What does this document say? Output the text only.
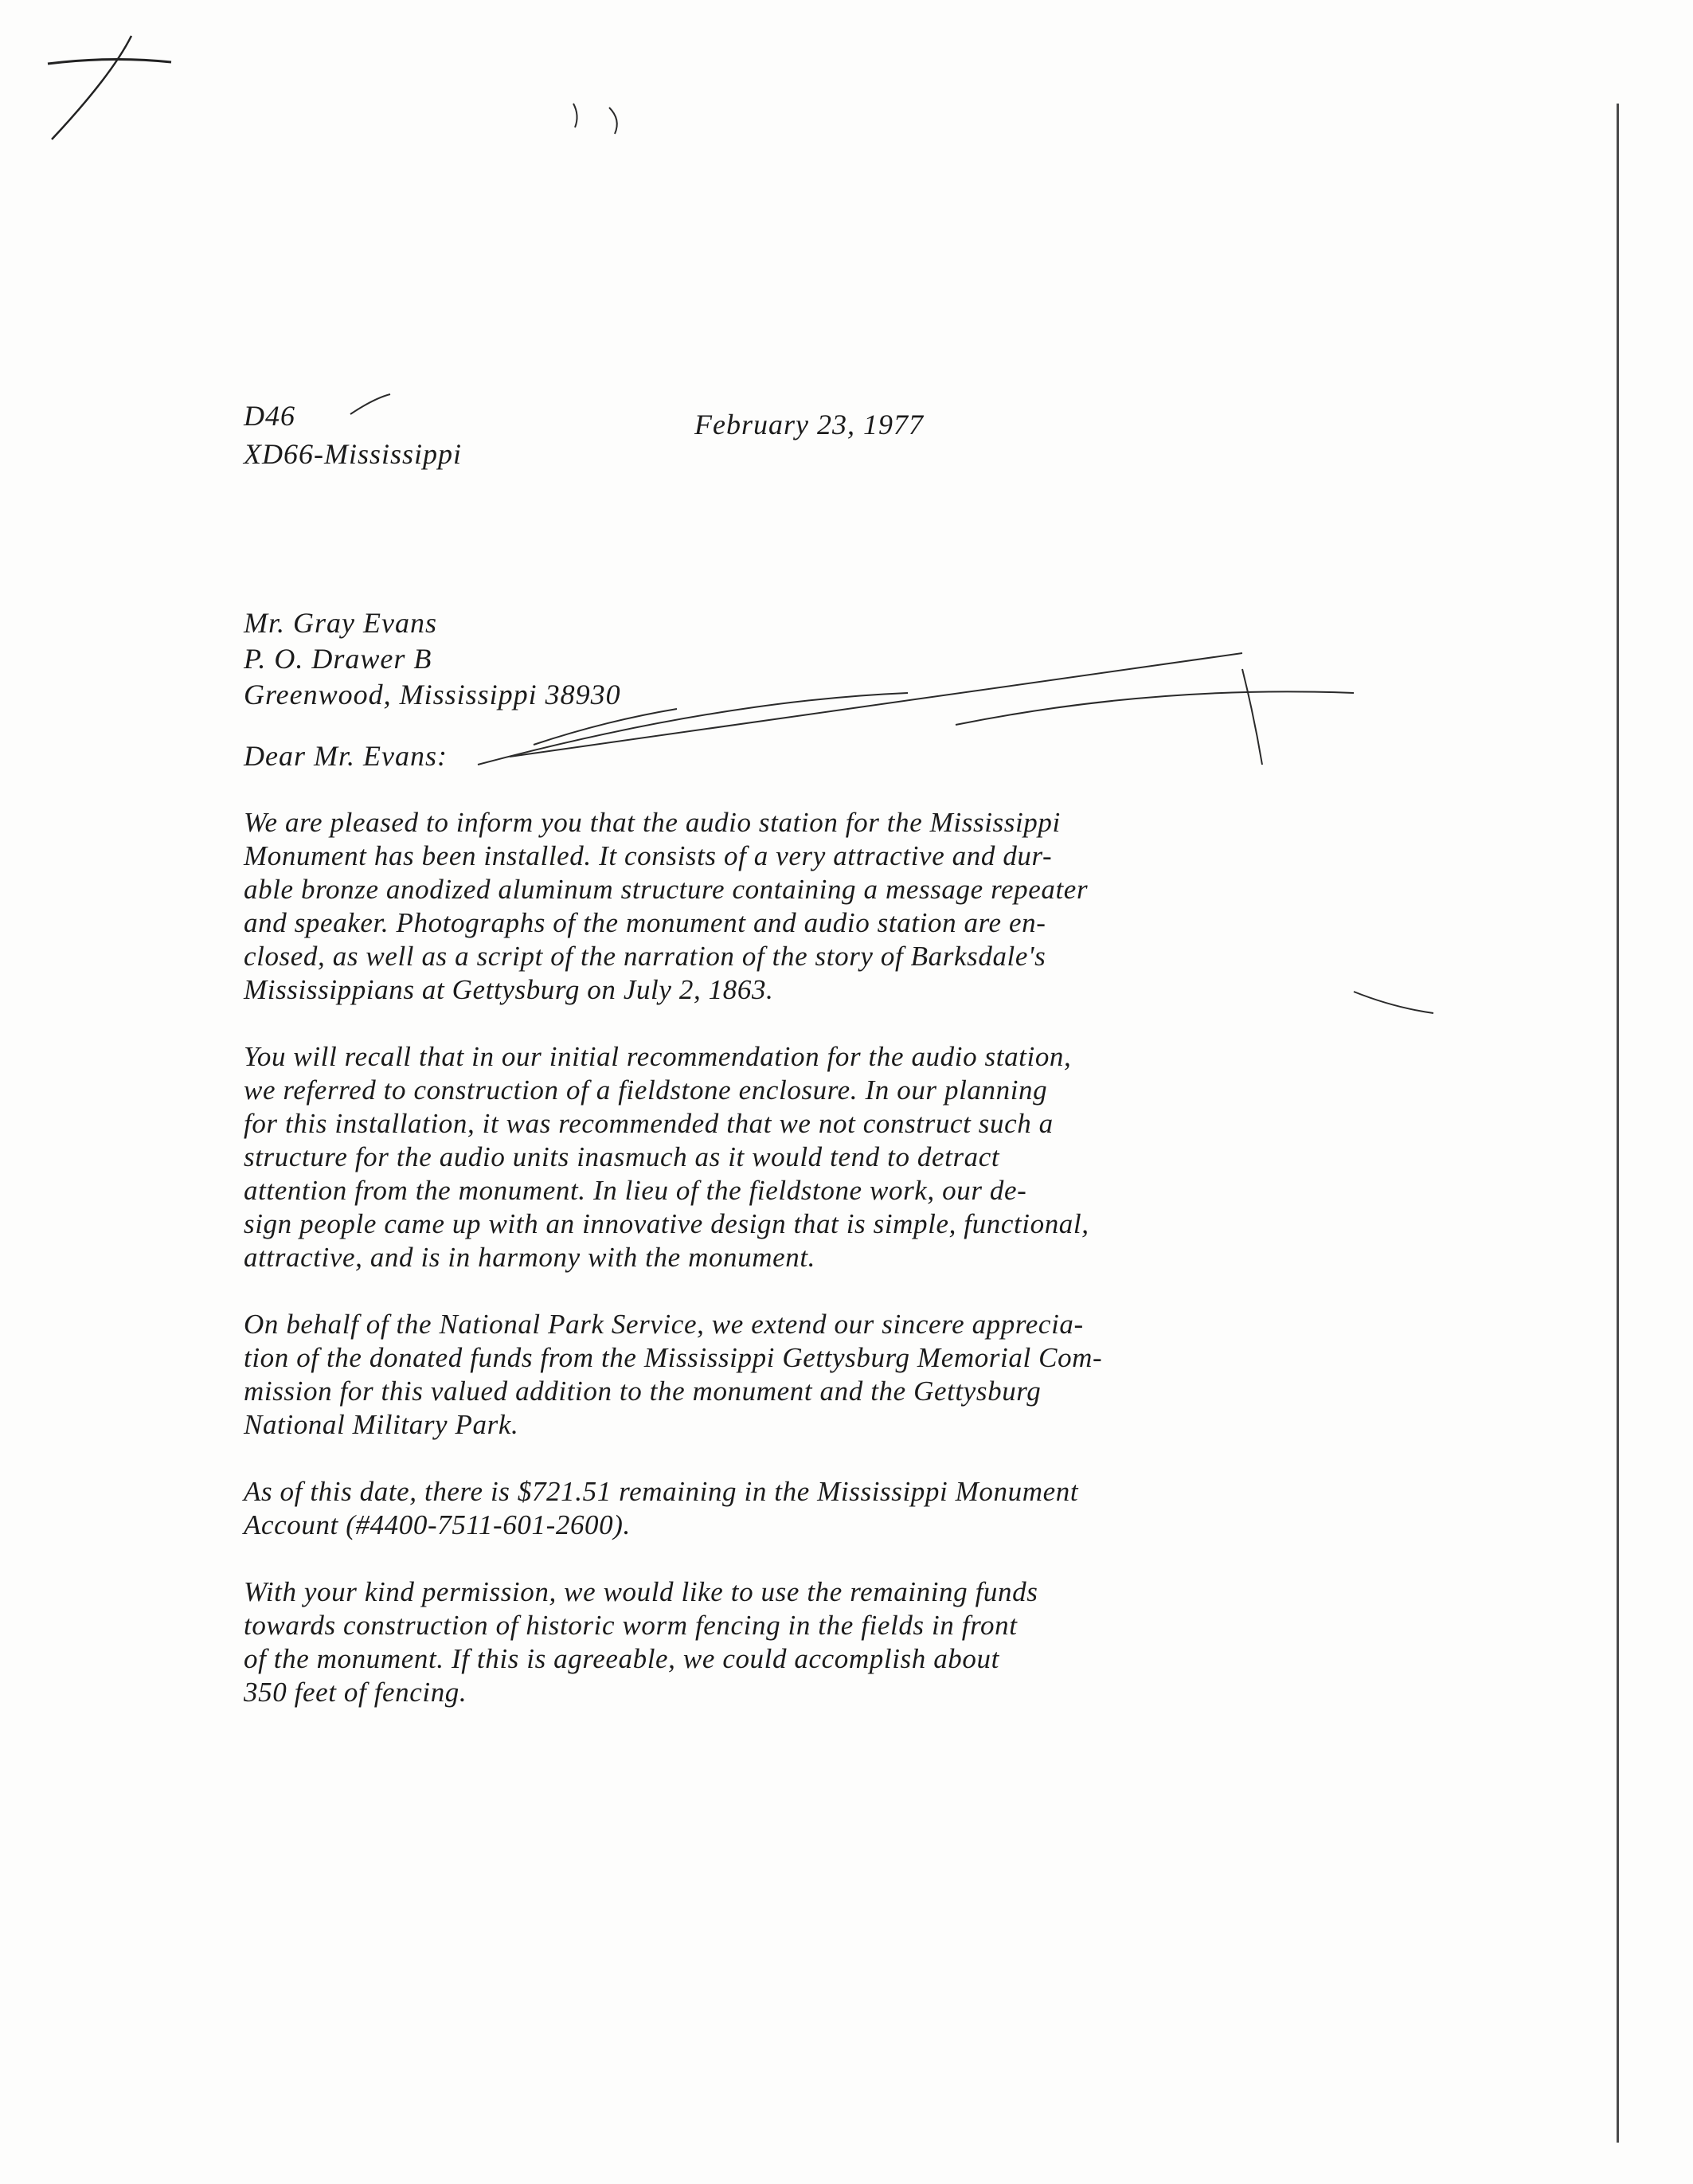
D46
XD66-Mississippi
February 23, 1977
Mr. Gray Evans
P. O. Drawer B
Greenwood, Mississippi 38930
Dear Mr. Evans:
We are pleased to inform you that the audio station for the Mississippi
Monument has been installed. It consists of a very attractive and dur-
able bronze anodized aluminum structure containing a message repeater
and speaker. Photographs of the monument and audio station are en-
closed, as well as a script of the narration of the story of Barksdale's
Mississippians at Gettysburg on July 2, 1863.
You will recall that in our initial recommendation for the audio station,
we referred to construction of a fieldstone enclosure. In our planning
for this installation, it was recommended that we not construct such a
structure for the audio units inasmuch as it would tend to detract
attention from the monument. In lieu of the fieldstone work, our de-
sign people came up with an innovative design that is simple, functional,
attractive, and is in harmony with the monument.
On behalf of the National Park Service, we extend our sincere apprecia-
tion of the donated funds from the Mississippi Gettysburg Memorial Com-
mission for this valued addition to the monument and the Gettysburg
National Military Park.
As of this date, there is $721.51 remaining in the Mississippi Monument
Account (#4400-7511-601-2600).
With your kind permission, we would like to use the remaining funds
towards construction of historic worm fencing in the fields in front
of the monument. If this is agreeable, we could accomplish about
350 feet of fencing.
